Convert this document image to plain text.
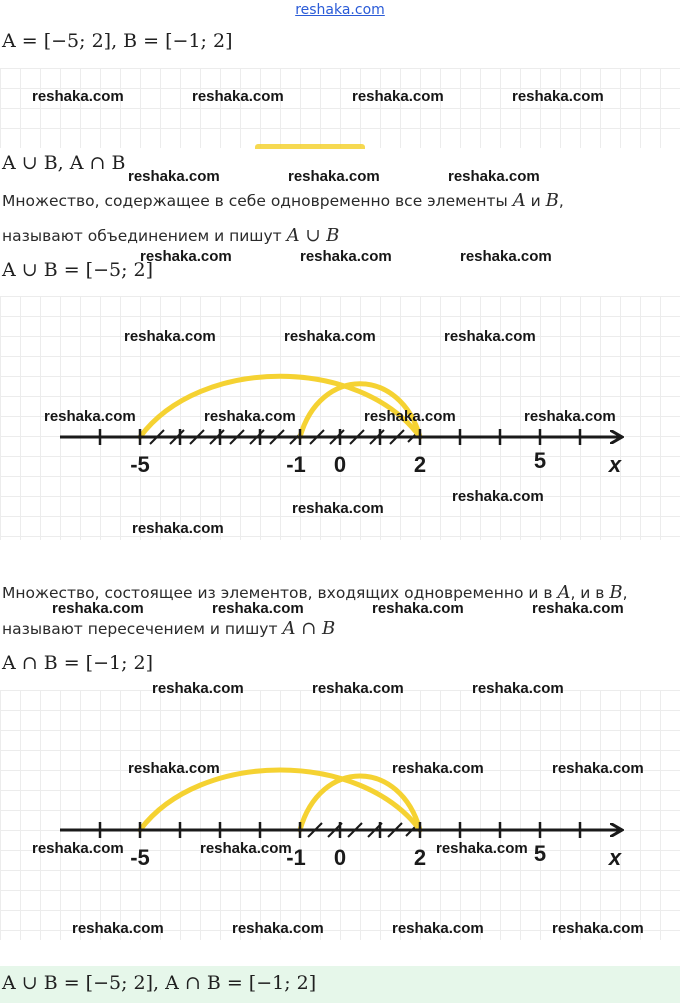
reshaka.com
A = [−5; 2], B = [−1; 2]
A ∪ B, A ∩ B
Множество, содержащее в себе одновременно все элементы A и B,
называют объединением и пишут A ∪ B
A ∪ B = [−5; 2]
-5	-1 0	2	5	x
Множество, состоящее из элементов, входящих одновременно и в A, и в B,
называют пересечением и пишут A ∩ B
A ∩ B = [−1; 2]
-5	-1 0	2	5	x
A ∪ B = [−5; 2], A ∩ B = [−1; 2]
reshaka.com	reshaka.com	reshaka.com	reshaka.com
reshaka.com	reshaka.com	reshaka.com
reshaka.com	reshaka.com	reshaka.com
reshaka.com	reshaka.com	reshaka.com
reshaka.com	reshaka.com	reshaka.com	reshaka.com
reshaka.com
reshaka.com
reshaka.com
reshaka.com	reshaka.com	reshaka.com	reshaka.com
reshaka.com	reshaka.com	reshaka.com
reshaka.com	reshaka.com	reshaka.com
reshaka.com	reshaka.com	reshaka.com
reshaka.com	reshaka.com	reshaka.com	reshaka.com
